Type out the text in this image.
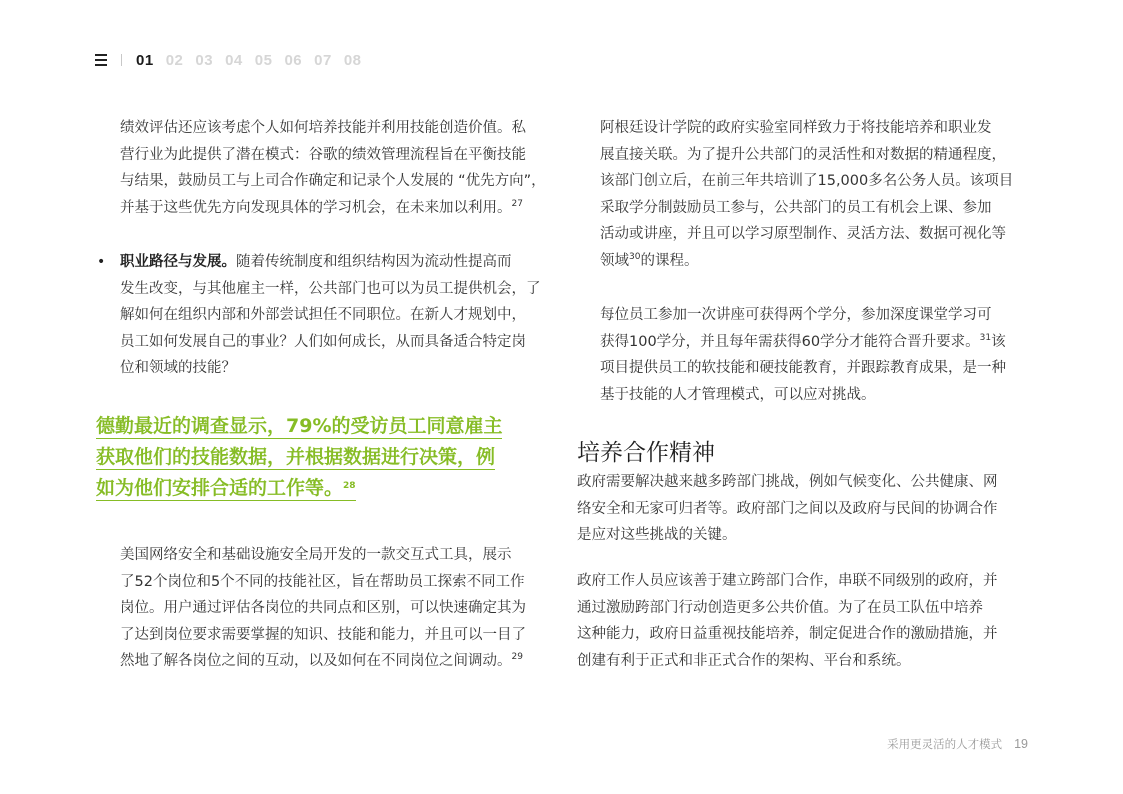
01 02 03 04 05 06 07 08

绩效评估还应该考虑个人如何培养技能并利用技能创造价值。私
营行业为此提供了潜在模式：谷歌的绩效管理流程旨在平衡技能
与结果，鼓励员工与上司合作确定和记录个人发展的 “优先方向”，
并基于这些优先方向发现具体的学习机会，在未来加以利用。$^{27}$

• 职业路径与发展。随着传统制度和组织结构因为流动性提高而
发生改变，与其他雇主一样，公共部门也可以为员工提供机会，了
解如何在组织内部和外部尝试担任不同职位。在新人才规划中，
员工如何发展自己的事业？人们如何成长，从而具备适合特定岗
位和领域的技能？

德勤最近的调查显示，79%的受访员工同意雇主
获取他们的技能数据，并根据数据进行决策，例
如为他们安排合适的工作等。$^{28}$

美国网络安全和基础设施安全局开发的一款交互式工具，展示
了52个岗位和5个不同的技能社区，旨在帮助员工探索不同工作
岗位。用户通过评估各岗位的共同点和区别，可以快速确定其为
了达到岗位要求需要掌握的知识、技能和能力，并且可以一目了
然地了解各岗位之间的互动，以及如何在不同岗位之间调动。$^{29}$

阿根廷设计学院的政府实验室同样致力于将技能培养和职业发
展直接关联。为了提升公共部门的灵活性和对数据的精通程度，
该部门创立后，在前三年共培训了15,000多名公务人员。该项目
采取学分制鼓励员工参与，公共部门的员工有机会上课、参加
活动或讲座，并且可以学习原型制作、灵活方法、数据可视化等
领域$^{30}$的课程。

每位员工参加一次讲座可获得两个学分，参加深度课堂学习可
获得100学分，并且每年需获得60学分才能符合晋升要求。$^{31}$该
项目提供员工的软技能和硬技能教育，并跟踪教育成果，是一种
基于技能的人才管理模式，可以应对挑战。

培养合作精神

政府需要解决越来越多跨部门挑战，例如气候变化、公共健康、网
络安全和无家可归者等。政府部门之间以及政府与民间的协调合作
是应对这些挑战的关键。

政府工作人员应该善于建立跨部门合作，串联不同级别的政府，并
通过激励跨部门行动创造更多公共价值。为了在员工队伍中培养
这种能力，政府日益重视技能培养，制定促进合作的激励措施，并
创建有利于正式和非正式合作的架构、平台和系统。

采用更灵活的人才模式 19
